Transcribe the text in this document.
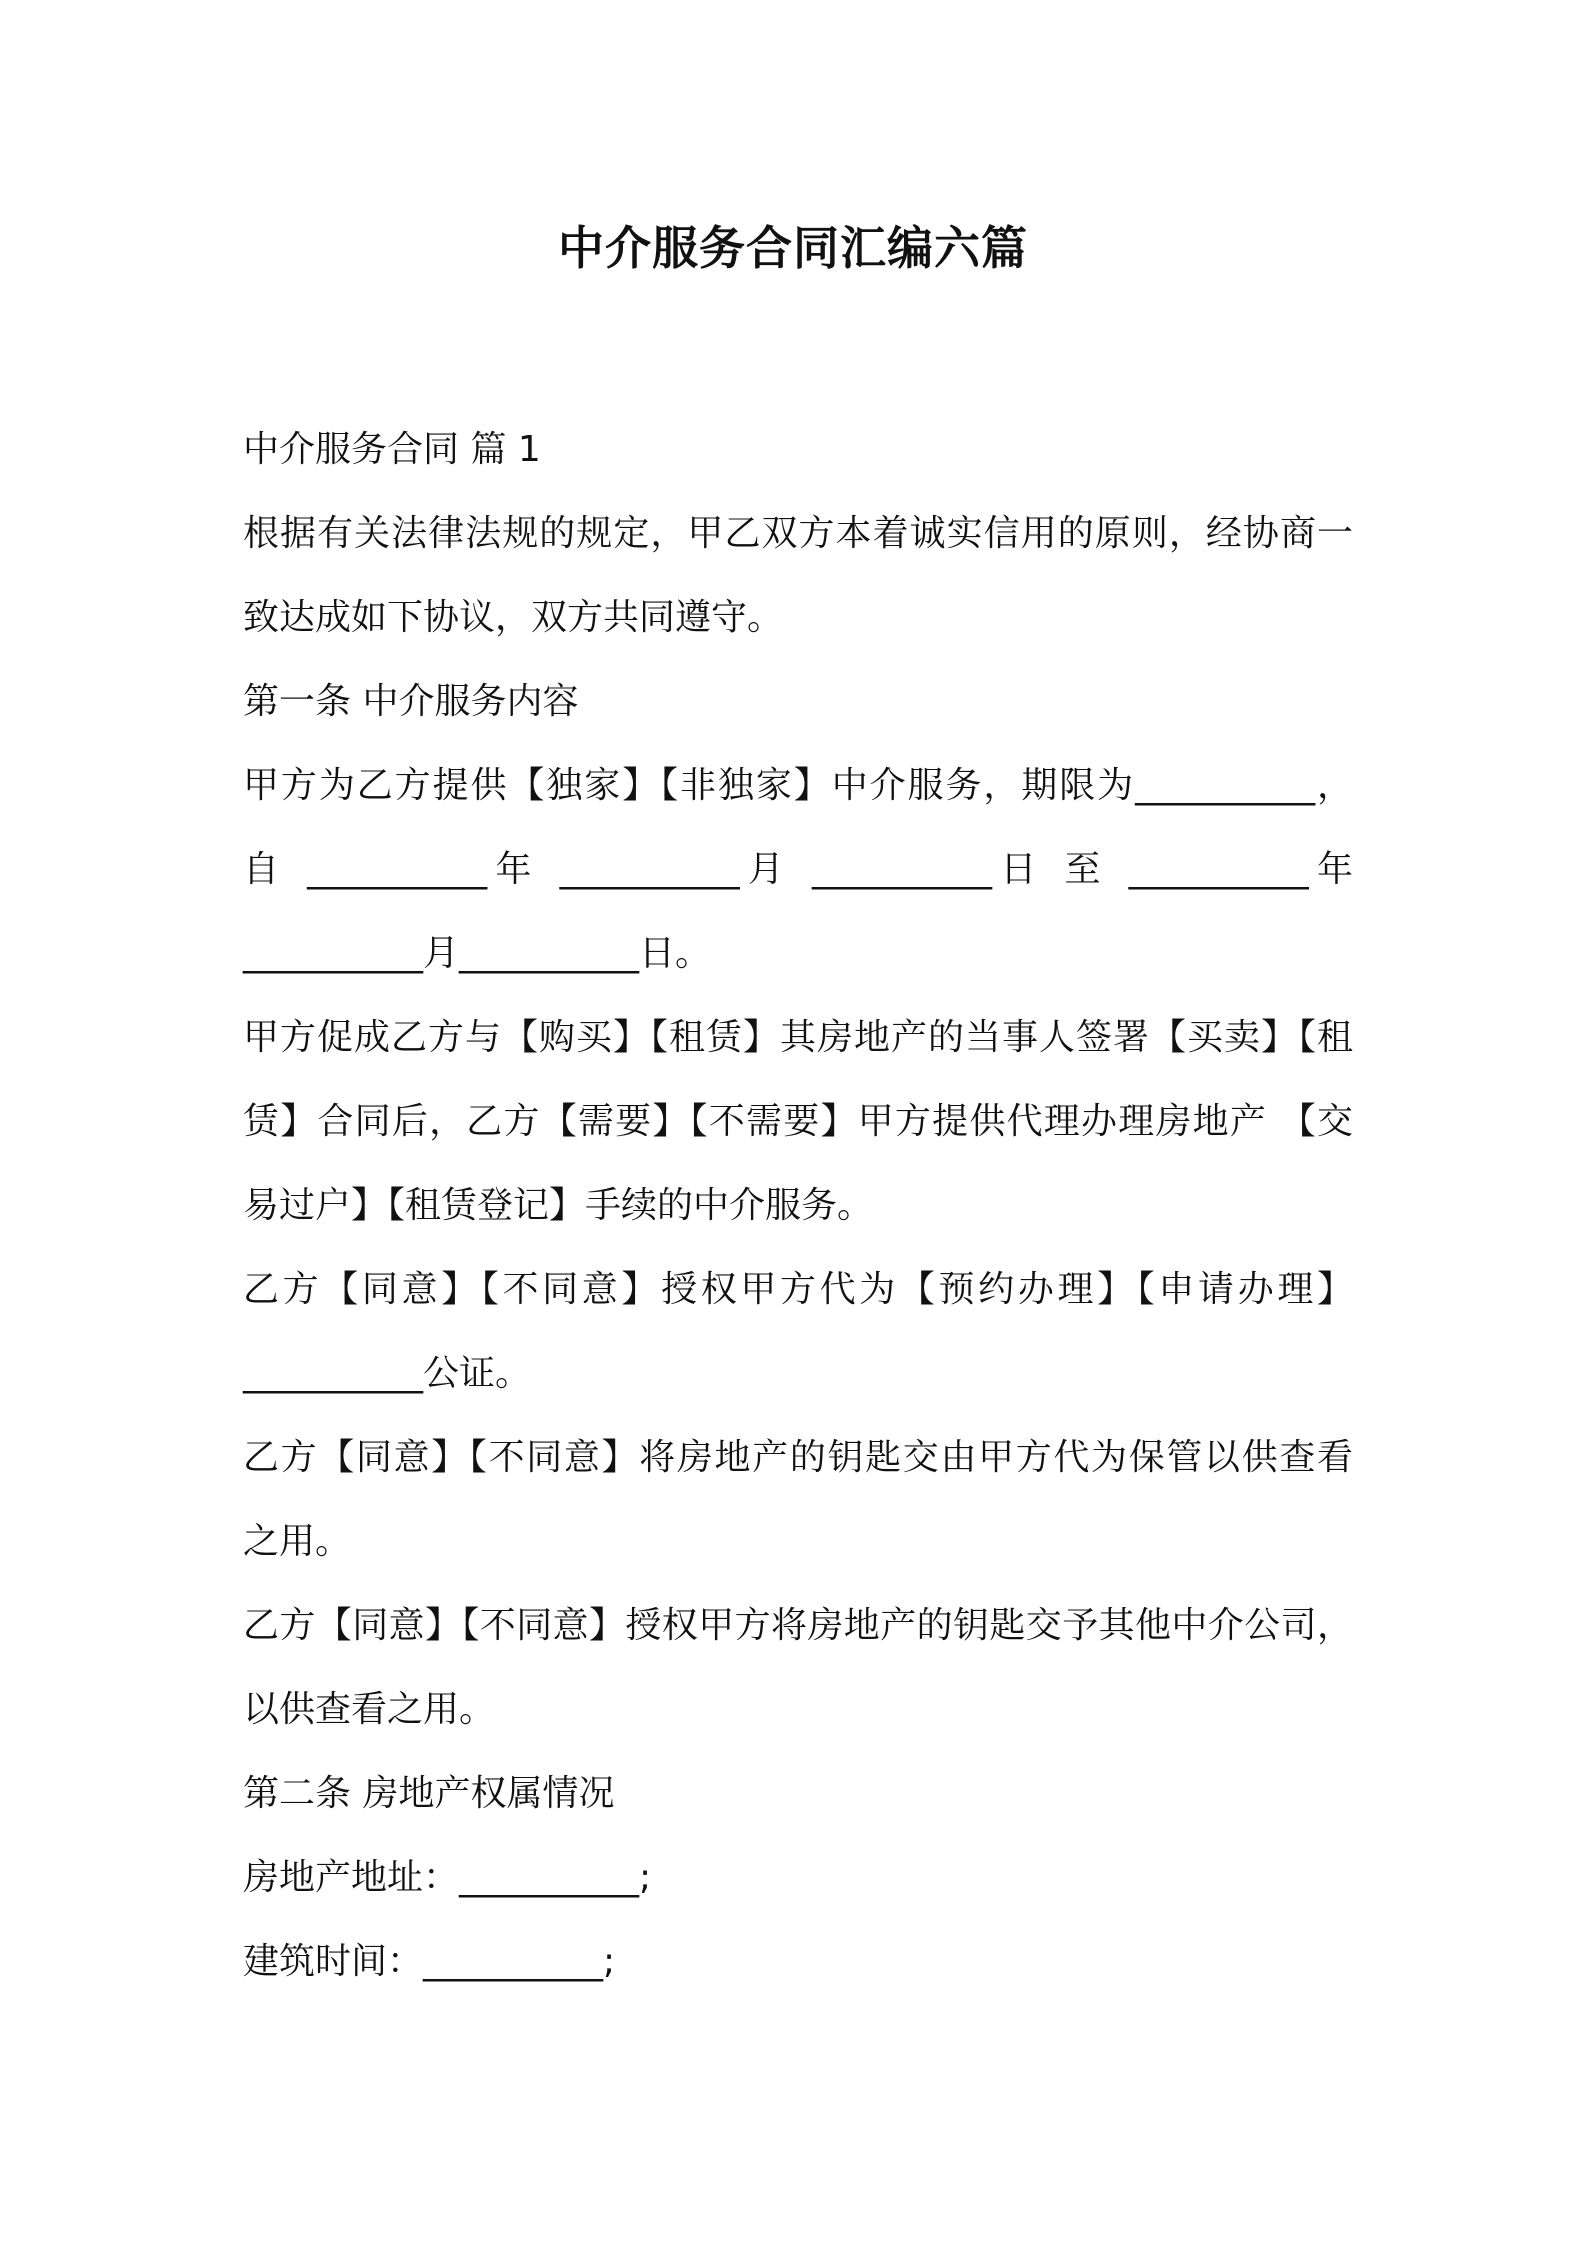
中介服务合同汇编六篇
中介服务合同 篇 1
根据有关法律法规的规定，甲乙双方本着诚实信用的原则，经协商一
致达成如下协议，双方共同遵守。
第一条 中介服务内容
甲方为乙方提供【独家】【非独家】中介服务，期限为__________，
自 __________年 __________月 __________日 至 __________年
__________月__________日。
甲方促成乙方与【购买】【租赁】其房地产的当事人签署【买卖】【租
赁】合同后，乙方【需要】【不需要】甲方提供代理办理房地产 【交
易过户】【租赁登记】手续的中介服务。
乙方【同意】【不同意】授权甲方代为【预约办理】【申请办理】
__________公证。
乙方【同意】【不同意】将房地产的钥匙交由甲方代为保管以供查看
之用。
乙方【同意】【不同意】授权甲方将房地产的钥匙交予其他中介公司，
以供查看之用。
第二条 房地产权属情况
房地产地址：__________;
建筑时间：__________;
